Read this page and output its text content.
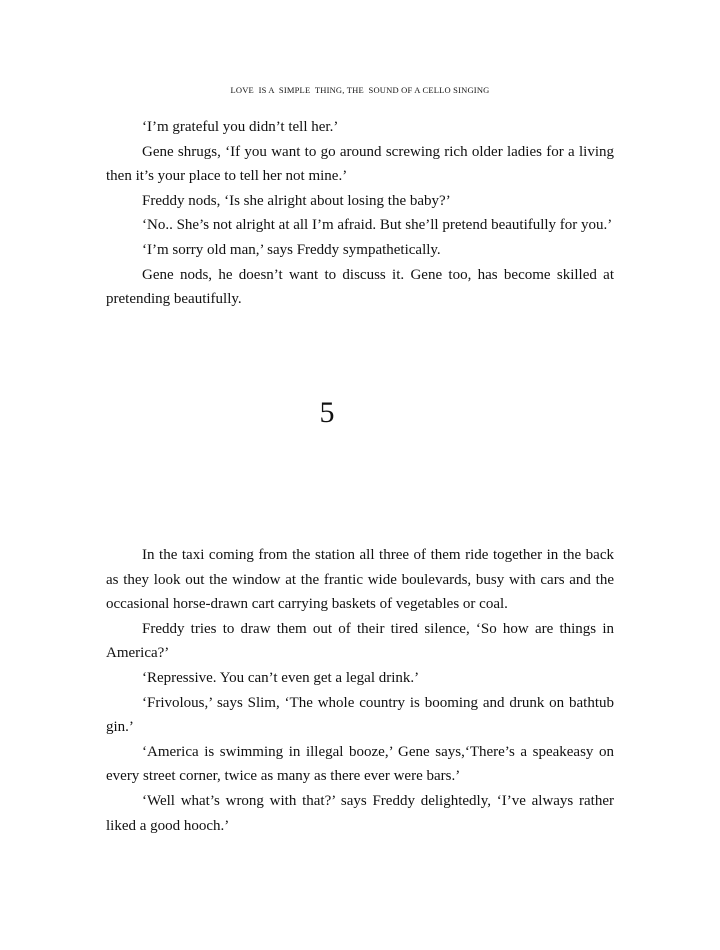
LOVE  IS A  SIMPLE  THING, THE  SOUND OF A CELLO SINGING

‘I’m grateful you didn’t tell her.’

Gene shrugs, ‘If you want to go around screwing rich older ladies for a living then it’s your place to tell her not mine.’

Freddy nods, ‘Is she alright about losing the baby?’

‘No.. She’s not alright at all I’m afraid. But she’ll pretend beautifully for you.’

‘I’m sorry old man,’ says Freddy sympathetically.

Gene nods, he doesn’t want to discuss it. Gene too, has become skilled at pretending beautifully.

5

In the taxi coming from the station all three of them ride together in the back as they look out the window at the frantic wide boulevards, busy with cars and the occasional horse-drawn cart carrying baskets of vegetables or coal.

Freddy tries to draw them out of their tired silence, ‘So how are things in America?’

‘Repressive. You can’t even get a legal drink.’

‘Frivolous,’ says Slim, ‘The whole country is booming and drunk on bathtub gin.’

‘America is swimming in illegal booze,’ Gene says,‘There’s a speakeasy on every street corner, twice as many as there ever were bars.’

‘Well what’s wrong with that?’ says Freddy delightedly, ‘I’ve always rather liked a good hooch.’
